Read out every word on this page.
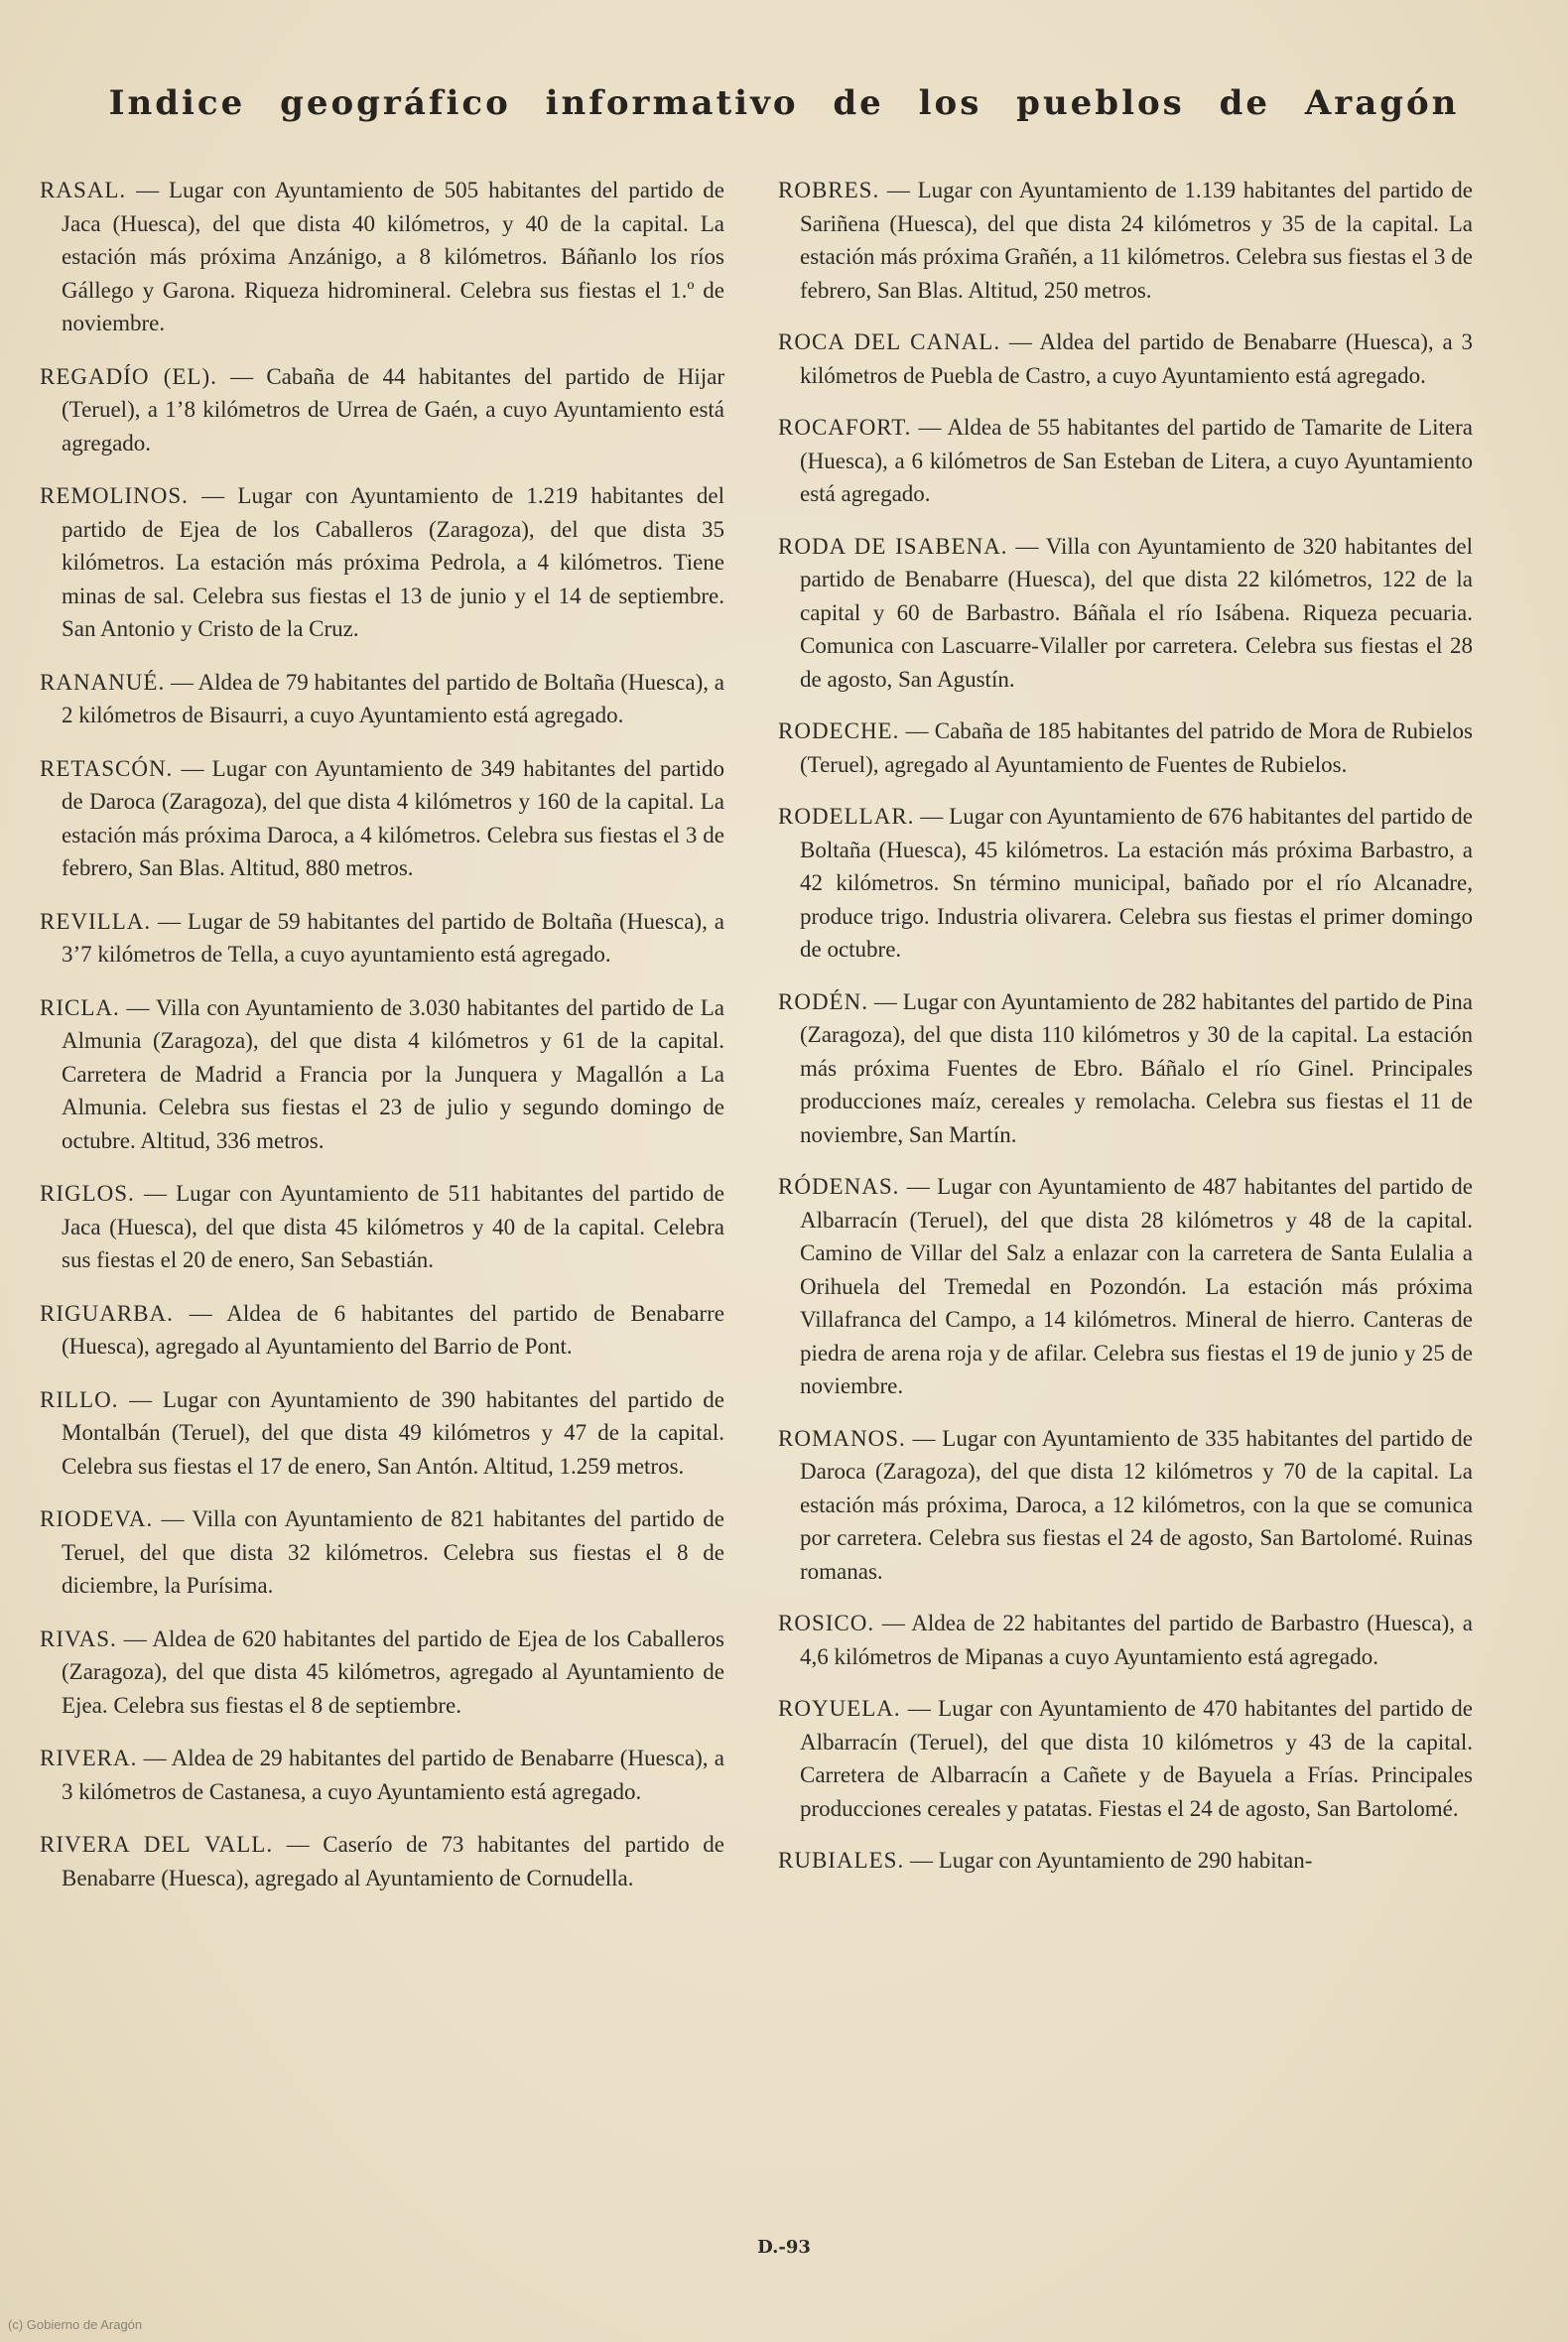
Indice geográfico informativo de los pueblos de Aragón

RASAL. — Lugar con Ayuntamiento de 505 habitantes del partido de Jaca (Huesca), del que dista 40 kilómetros, y 40 de la capital. La estación más próxima Anzánigo, a 8 kilómetros. Báñanlo los ríos Gállego y Garona. Riqueza hidromineral. Celebra sus fiestas el 1.º de noviembre.

REGADÍO (EL). — Cabaña de 44 habitantes del partido de Hijar (Teruel), a 1’8 kilómetros de Urrea de Gaén, a cuyo Ayuntamiento está agregado.

REMOLINOS. — Lugar con Ayuntamiento de 1.219 habitantes del partido de Ejea de los Caballeros (Zaragoza), del que dista 35 kilómetros. La estación más próxima Pedrola, a 4 kilómetros. Tiene minas de sal. Celebra sus fiestas el 13 de junio y el 14 de septiembre. San Antonio y Cristo de la Cruz.

RANANUÉ. — Aldea de 79 habitantes del partido de Boltaña (Huesca), a 2 kilómetros de Bisaurri, a cuyo Ayuntamiento está agregado.

RETASCÓN. — Lugar con Ayuntamiento de 349 habitantes del partido de Daroca (Zaragoza), del que dista 4 kilómetros y 160 de la capital. La estación más próxima Daroca, a 4 kilómetros. Celebra sus fiestas el 3 de febrero, San Blas. Altitud, 880 metros.

REVILLA. — Lugar de 59 habitantes del partido de Boltaña (Huesca), a 3’7 kilómetros de Tella, a cuyo ayuntamiento está agregado.

RICLA. — Villa con Ayuntamiento de 3.030 habitantes del partido de La Almunia (Zaragoza), del que dista 4 kilómetros y 61 de la capital. Carretera de Madrid a Francia por la Junquera y Magallón a La Almunia. Celebra sus fiestas el 23 de julio y segundo domingo de octubre. Altitud, 336 metros.

RIGLOS. — Lugar con Ayuntamiento de 511 habitantes del partido de Jaca (Huesca), del que dista 45 kilómetros y 40 de la capital. Celebra sus fiestas el 20 de enero, San Sebastián.

RIGUARBA. — Aldea de 6 habitantes del partido de Benabarre (Huesca), agregado al Ayuntamiento del Barrio de Pont.

RILLO. — Lugar con Ayuntamiento de 390 habitantes del partido de Montalbán (Teruel), del que dista 49 kilómetros y 47 de la capital. Celebra sus fiestas el 17 de enero, San Antón. Altitud, 1.259 metros.

RIODEVA. — Villa con Ayuntamiento de 821 habitantes del partido de Teruel, del que dista 32 kilómetros. Celebra sus fiestas el 8 de diciembre, la Purísima.

RIVAS. — Aldea de 620 habitantes del partido de Ejea de los Caballeros (Zaragoza), del que dista 45 kilómetros, agregado al Ayuntamiento de Ejea. Celebra sus fiestas el 8 de septiembre.

RIVERA. — Aldea de 29 habitantes del partido de Benabarre (Huesca), a 3 kilómetros de Castanesa, a cuyo Ayuntamiento está agregado.

RIVERA DEL VALL. — Caserío de 73 habitantes del partido de Benabarre (Huesca), agregado al Ayuntamiento de Cornudella.

ROBRES. — Lugar con Ayuntamiento de 1.139 habitantes del partido de Sariñena (Huesca), del que dista 24 kilómetros y 35 de la capital. La estación más próxima Grañén, a 11 kilómetros. Celebra sus fiestas el 3 de febrero, San Blas. Altitud, 250 metros.

ROCA DEL CANAL. — Aldea del partido de Benabarre (Huesca), a 3 kilómetros de Puebla de Castro, a cuyo Ayuntamiento está agregado.

ROCAFORT. — Aldea de 55 habitantes del partido de Tamarite de Litera (Huesca), a 6 kilómetros de San Esteban de Litera, a cuyo Ayuntamiento está agregado.

RODA DE ISABENA. — Villa con Ayuntamiento de 320 habitantes del partido de Benabarre (Huesca), del que dista 22 kilómetros, 122 de la capital y 60 de Barbastro. Báñala el río Isábena. Riqueza pecuaria. Comunica con Lascuarre-Vilaller por carretera. Celebra sus fiestas el 28 de agosto, San Agustín.

RODECHE. — Cabaña de 185 habitantes del patrido de Mora de Rubielos (Teruel), agregado al Ayuntamiento de Fuentes de Rubielos.

RODELLAR. — Lugar con Ayuntamiento de 676 habitantes del partido de Boltaña (Huesca), 45 kilómetros. La estación más próxima Barbastro, a 42 kilómetros. Sn término municipal, bañado por el río Alcanadre, produce trigo. Industria olivarera. Celebra sus fiestas el primer domingo de octubre.

RODÉN. — Lugar con Ayuntamiento de 282 habitantes del partido de Pina (Zaragoza), del que dista 110 kilómetros y 30 de la capital. La estación más próxima Fuentes de Ebro. Báñalo el río Ginel. Principales producciones maíz, cereales y remolacha. Celebra sus fiestas el 11 de noviembre, San Martín.

RÓDENAS. — Lugar con Ayuntamiento de 487 habitantes del partido de Albarracín (Teruel), del que dista 28 kilómetros y 48 de la capital. Camino de Villar del Salz a enlazar con la carretera de Santa Eulalia a Orihuela del Tremedal en Pozondón. La estación más próxima Villafranca del Campo, a 14 kilómetros. Mineral de hierro. Canteras de piedra de arena roja y de afilar. Celebra sus fiestas el 19 de junio y 25 de noviembre.

ROMANOS. — Lugar con Ayuntamiento de 335 habitantes del partido de Daroca (Zaragoza), del que dista 12 kilómetros y 70 de la capital. La estación más próxima, Daroca, a 12 kilómetros, con la que se comunica por carretera. Celebra sus fiestas el 24 de agosto, San Bartolomé. Ruinas romanas.

ROSICO. — Aldea de 22 habitantes del partido de Barbastro (Huesca), a 4,6 kilómetros de Mipanas a cuyo Ayuntamiento está agregado.

ROYUELA. — Lugar con Ayuntamiento de 470 habitantes del partido de Albarracín (Teruel), del que dista 10 kilómetros y 43 de la capital. Carretera de Albarracín a Cañete y de Bayuela a Frías. Principales producciones cereales y patatas. Fiestas el 24 de agosto, San Bartolomé.

RUBIALES. — Lugar con Ayuntamiento de 290 habitan-

D.-93
(c) Gobierno de Aragón
